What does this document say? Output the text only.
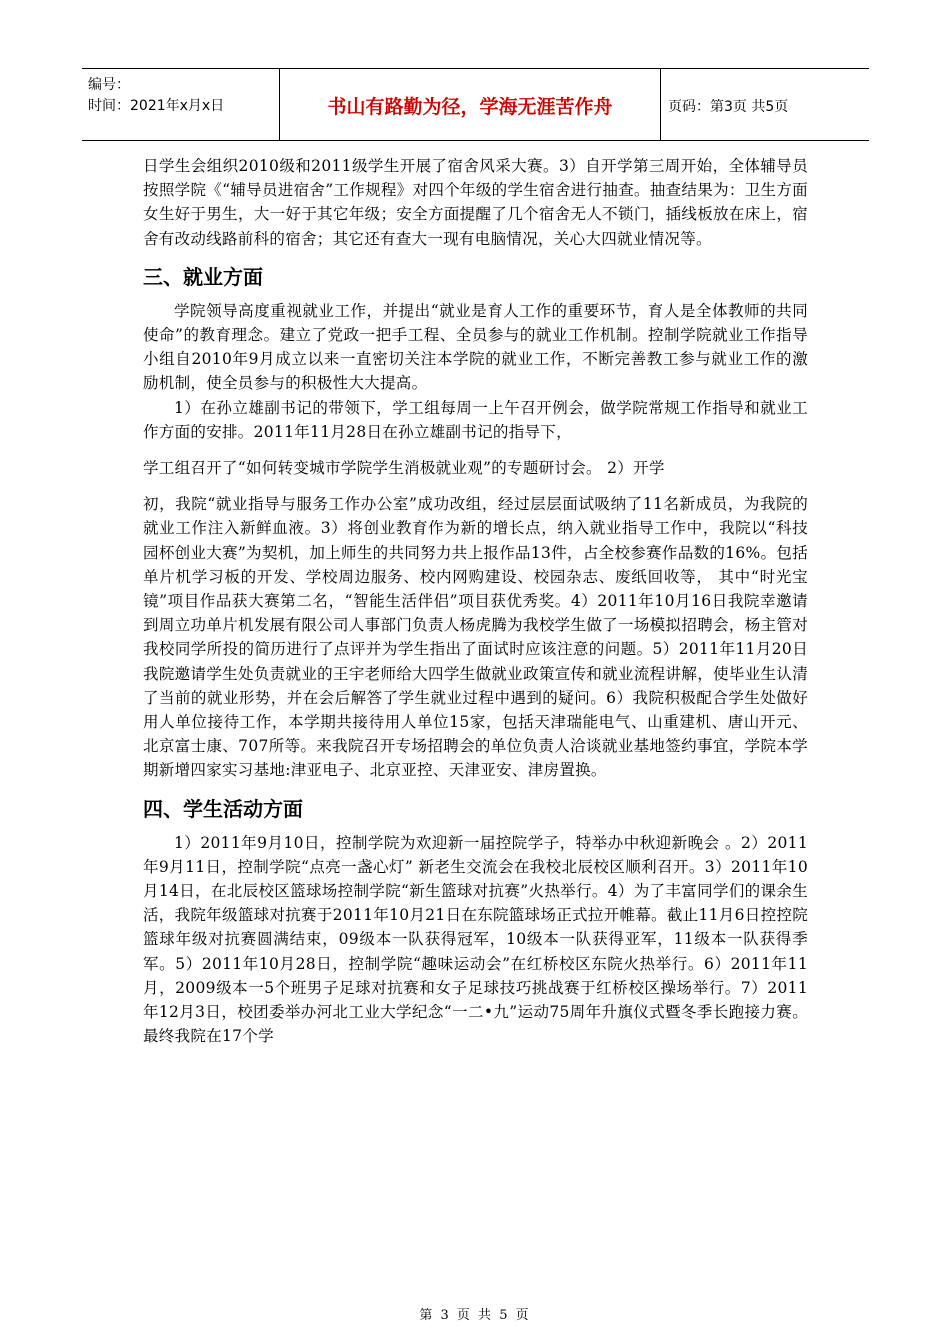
编号：
时间：2021年x月x日	书山有路勤为径，学海无涯苦作舟	页码：第3页 共5页

日学生会组织2010级和2011级学生开展了宿舍风采大赛。3）自开学第三周开始，全体辅导员按照学院《“辅导员进宿舍”工作规程》对四个年级的学生宿舍进行抽查。抽查结果为：卫生方面女生好于男生，大一好于其它年级；安全方面提醒了几个宿舍无人不锁门，插线板放在床上，宿舍有改动线路前科的宿舍；其它还有查大一现有电脑情况，关心大四就业情况等。

三、就业方面

学院领导高度重视就业工作，并提出“就业是育人工作的重要环节，育人是全体教师的共同使命”的教育理念。建立了党政一把手工程、全员参与的就业工作机制。控制学院就业工作指导小组自2010年9月成立以来一直密切关注本学院的就业工作，不断完善教工参与就业工作的激励机制，使全员参与的积极性大大提高。

1）在孙立雄副书记的带领下，学工组每周一上午召开例会，做学院常规工作指导和就业工作方面的安排。2011年11月28日在孙立雄副书记的指导下，

学工组召开了“如何转变城市学院学生消极就业观”的专题研讨会。 2）开学

初，我院“就业指导与服务工作办公室”成功改组，经过层层面试吸纳了11名新成员，为我院的就业工作注入新鲜血液。3）将创业教育作为新的增长点，纳入就业指导工作中，我院以“科技园杯创业大赛”为契机，加上师生的共同努力共上报作品13件，占全校参赛作品数的16%。包括单片机学习板的开发、学校周边服务、校内网购建设、校园杂志、废纸回收等， 其中“时光宝镜”项目作品获大赛第二名，“智能生活伴侣”项目获优秀奖。4）2011年10月16日我院幸邀请到周立功单片机发展有限公司人事部门负责人杨虎腾为我校学生做了一场模拟招聘会，杨主管对我校同学所投的简历进行了点评并为学生指出了面试时应该注意的问题。5）2011年11月20日我院邀请学生处负责就业的王宇老师给大四学生做就业政策宣传和就业流程讲解，使毕业生认清了当前的就业形势，并在会后解答了学生就业过程中遇到的疑问。6）我院积极配合学生处做好用人单位接待工作，本学期共接待用人单位15家，包括天津瑞能电气、山重建机、唐山开元、北京富士康、707所等。来我院召开专场招聘会的单位负责人洽谈就业基地签约事宜，学院本学期新增四家实习基地:津亚电子、北京亚控、天津亚安、津房置换。

四、学生活动方面

1）2011年9月10日，控制学院为欢迎新一届控院学子，特举办中秋迎新晚会 。2）2011年9月11日，控制学院“点亮一盏心灯” 新老生交流会在我校北辰校区顺利召开。3）2011年10月14日，在北辰校区篮球场控制学院“新生篮球对抗赛”火热举行。4）为了丰富同学们的课余生活，我院年级篮球对抗赛于2011年10月21日在东院篮球场正式拉开帷幕。截止11月6日控控院篮球年级对抗赛圆满结束，09级本一队获得冠军，10级本一队获得亚军，11级本一队获得季军。5）2011年10月28日，控制学院“趣味运动会”在红桥校区东院火热举行。6）2011年11月，2009级本一5个班男子足球对抗赛和女子足球技巧挑战赛于红桥校区操场举行。7）2011年12月3日，校团委举办河北工业大学纪念“一二•九”运动75周年升旗仪式暨冬季长跑接力赛。最终我院在17个学

第 3 页 共 5 页
